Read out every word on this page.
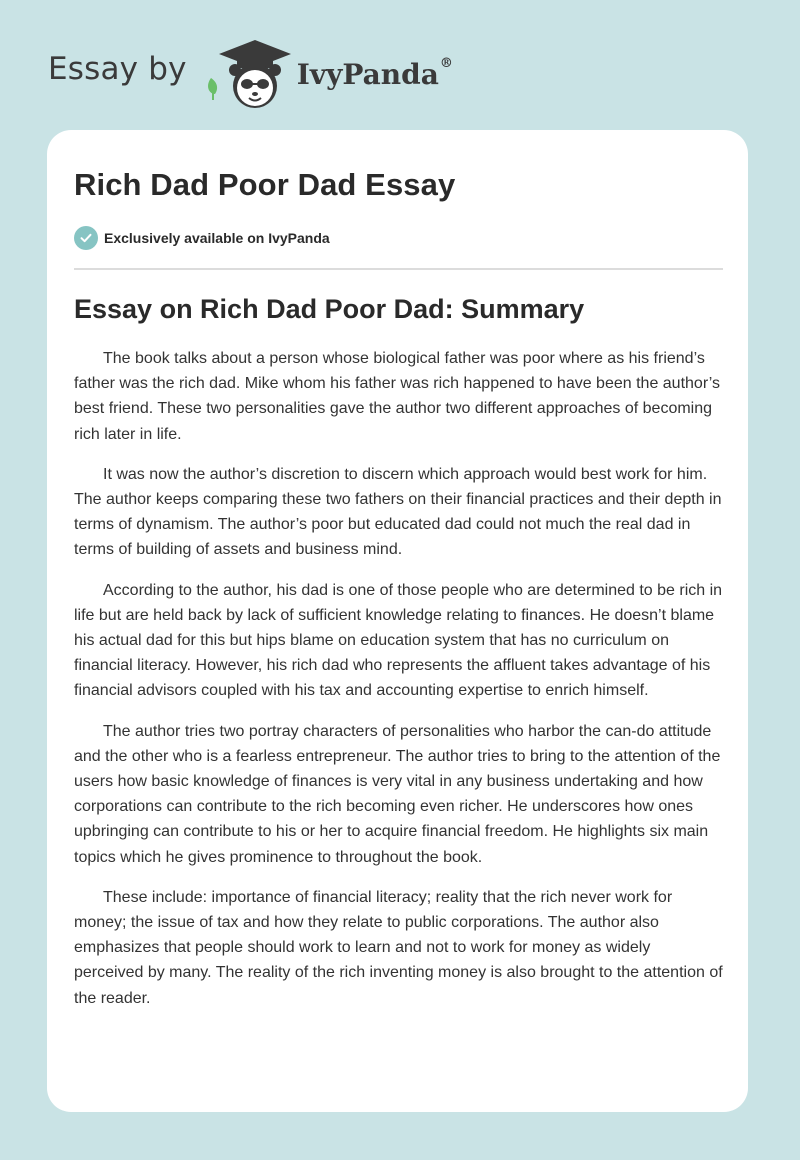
Essay by	IvyPanda®
Rich Dad Poor Dad Essay
Exclusively available on IvyPanda
Essay on Rich Dad Poor Dad: Summary

The book talks about a person whose biological father was poor where as his friend’s father was the rich dad. Mike whom his father was rich happened to have been the author’s best friend. These two personalities gave the author two different approaches of becoming rich later in life.

It was now the author’s discretion to discern which approach would best work for him. The author keeps comparing these two fathers on their financial practices and their depth in terms of dynamism. The author’s poor but educated dad could not much the real dad in terms of building of assets and business mind.

According to the author, his dad is one of those people who are determined to be rich in life but are held back by lack of sufficient knowledge relating to finances. He doesn’t blame his actual dad for this but hips blame on education system that has no curriculum on financial literacy. However, his rich dad who represents the affluent takes advantage of his financial advisors coupled with his tax and accounting expertise to enrich himself.

The author tries two portray characters of personalities who harbor the can-do attitude and the other who is a fearless entrepreneur. The author tries to bring to the attention of the users how basic knowledge of finances is very vital in any business undertaking and how corporations can contribute to the rich becoming even richer. He underscores how ones upbringing can contribute to his or her to acquire financial freedom. He highlights six main topics which he gives prominence to throughout the book.

These include: importance of financial literacy; reality that the rich never work for money; the issue of tax and how they relate to public corporations. The author also emphasizes that people should work to learn and not to work for money as widely perceived by many. The reality of the rich inventing money is also brought to the attention of the reader.
